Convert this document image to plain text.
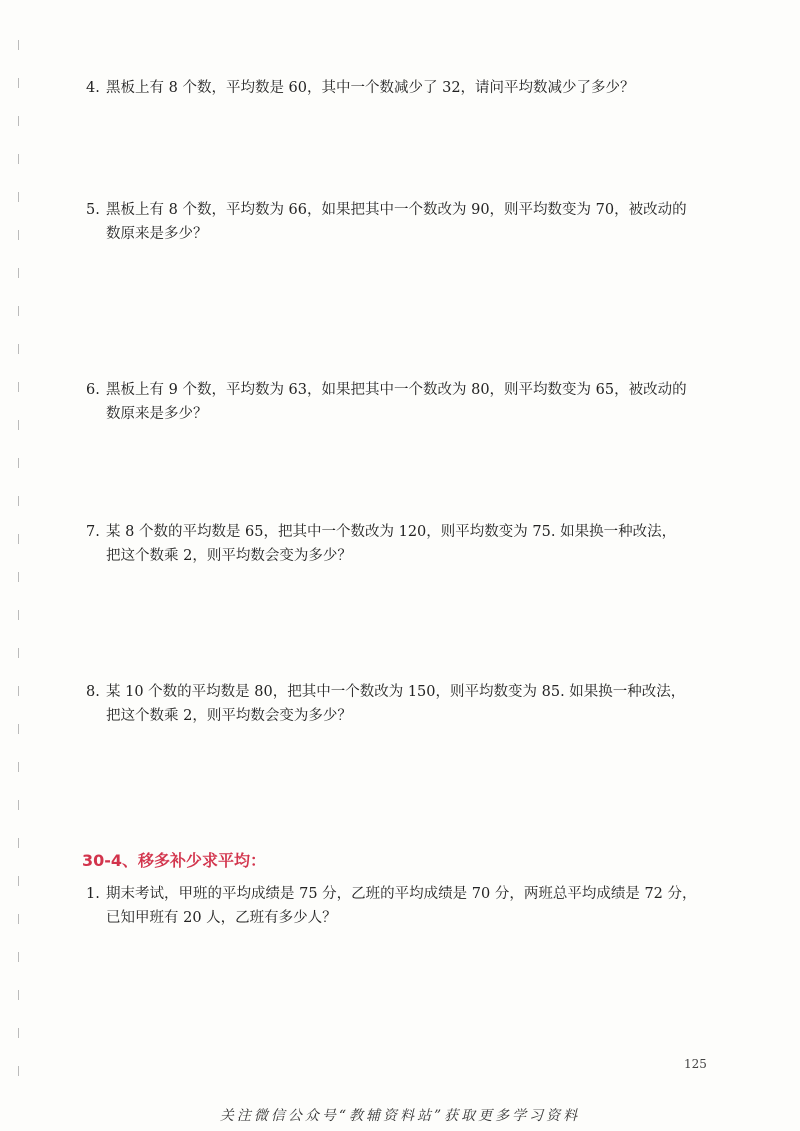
4. 黑板上有 8 个数，平均数是 60，其中一个数减少了 32，请问平均数减少了多少？
5. 黑板上有 8 个数，平均数为 66，如果把其中一个数改为 90，则平均数变为 70，被改动的
数原来是多少？
6. 黑板上有 9 个数，平均数为 63，如果把其中一个数改为 80，则平均数变为 65，被改动的
数原来是多少？
7. 某 8 个数的平均数是 65，把其中一个数改为 120，则平均数变为 75. 如果换一种改法，
把这个数乘 2，则平均数会变为多少？
8. 某 10 个数的平均数是 80，把其中一个数改为 150，则平均数变为 85. 如果换一种改法，
把这个数乘 2，则平均数会变为多少？
30-4、移多补少求平均：
1. 期末考试，甲班的平均成绩是 75 分，乙班的平均成绩是 70 分，两班总平均成绩是 72 分，
已知甲班有 20 人，乙班有多少人？
125
关注微信公众号“教辅资料站”获取更多学习资料
